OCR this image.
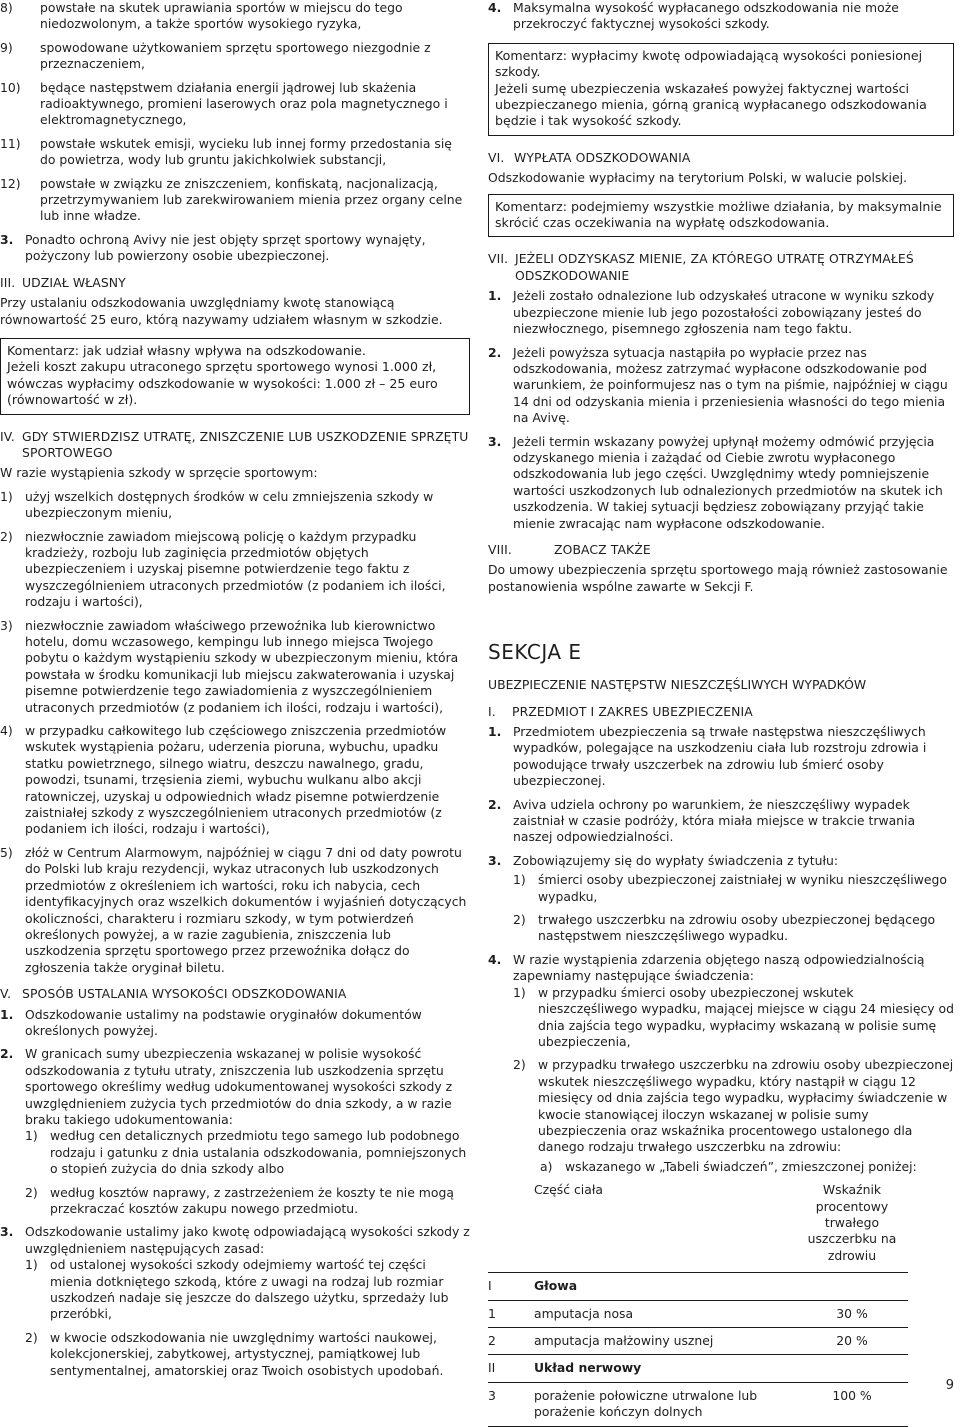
8)	powstałe na skutek uprawiania sportów w miejscu do tego niedozwolonym, a także sportów wysokiego ryzyka,
9)	spowodowane użytkowaniem sprzętu sportowego niezgodnie z przeznaczeniem,
10)	będące następstwem działania energii jądrowej lub skażenia radioaktywnego, promieni laserowych oraz pola magnetycznego i elektromagnetycznego,
11)	powstałe wskutek emisji, wycieku lub innej formy przedostania się do powietrza, wody lub gruntu jakichkolwiek substancji,
12)	powstałe w związku ze zniszczeniem, konfiskatą, nacjonalizacją, przetrzymywaniem lub zarekwirowaniem mienia przez organy celne lub inne władze.
3. Ponadto ochroną Avivy nie jest objęty sprzęt sportowy wynajęty, pożyczony lub powierzony osobie ubezpieczonej.
III. UDZIAŁ WŁASNY

Przy ustalaniu odszkodowania uwzględniamy kwotę stanowiącą równowartość 25 euro, którą nazywamy udziałem własnym w szkodzie.

Komentarz: jak udział własny wpływa na odszkodowanie.
Jeżeli koszt zakupu utraconego sprzętu sportowego wynosi 1.000 zł, wówczas wypłacimy odszkodowanie w wysokości: 1.000 zł – 25 euro (równowartość w zł).
IV. GDY STWIERDZISZ UTRATĘ, ZNISZCZENIE LUB USZKODZENIE SPRZĘTU SPORTOWEGO

W razie wystąpienia szkody w sprzęcie sportowym:

1) użyj wszelkich dostępnych środków w celu zmniejszenia szkody w ubezpieczonym mieniu,
2) niezwłocznie zawiadom miejscową policję o każdym przypadku kradzieży, rozboju lub zaginięcia przedmiotów objętych ubezpieczeniem i uzyskaj pisemne potwierdzenie tego faktu z wyszczególnieniem utraconych przedmiotów (z podaniem ich ilości, rodzaju i wartości),
3) niezwłocznie zawiadom właściwego przewoźnika lub kierownictwo hotelu, domu wczasowego, kempingu lub innego miejsca Twojego pobytu o każdym wystąpieniu szkody w ubezpieczonym mieniu, która powstała w środku komunikacji lub miejscu zakwaterowania i uzyskaj pisemne potwierdzenie tego zawiadomienia z wyszczególnieniem utraconych przedmiotów (z podaniem ich ilości, rodzaju i wartości),
4) w przypadku całkowitego lub częściowego zniszczenia przedmiotów wskutek wystąpienia pożaru, uderzenia pioruna, wybuchu, upadku statku powietrznego, silnego wiatru, deszczu nawalnego, gradu, powodzi, tsunami, trzęsienia ziemi, wybuchu wulkanu albo akcji ratowniczej, uzyskaj u odpowiednich władz pisemne potwierdzenie zaistniałej szkody z wyszczególnieniem utraconych przedmiotów (z podaniem ich ilości, rodzaju i wartości),
5) złóż w Centrum Alarmowym, najpóźniej w ciągu 7 dni od daty powrotu do Polski lub kraju rezydencji, wykaz utraconych lub uszkodzonych przedmiotów z określeniem ich wartości, roku ich nabycia, cech identyfikacyjnych oraz wszelkich dokumentów i wyjaśnień dotyczących okoliczności, charakteru i rozmiaru szkody, w tym potwierdzeń określonych powyżej, a w razie zagubienia, zniszczenia lub uszkodzenia sprzętu sportowego przez przewoźnika dołącz do zgłoszenia także oryginał biletu.
V. SPOSÓB USTALANIA WYSOKOŚCI ODSZKODOWANIA
1. Odszkodowanie ustalimy na podstawie oryginałów dokumentów określonych powyżej.
2. W granicach sumy ubezpieczenia wskazanej w polisie wysokość odszkodowania z tytułu utraty, zniszczenia lub uszkodzenia sprzętu sportowego określimy według udokumentowanej wysokości szkody z uwzględnieniem zużycia tych przedmiotów do dnia szkody, a w razie braku takiego udokumentowania:
1) według cen detalicznych przedmiotu tego samego lub podobnego rodzaju i gatunku z dnia ustalania odszkodowania, pomniejszonych o stopień zużycia do dnia szkody albo
2) według kosztów naprawy, z zastrzeżeniem że koszty te nie mogą przekraczać kosztów zakupu nowego przedmiotu.
3. Odszkodowanie ustalimy jako kwotę odpowiadającą wysokości szkody z uwzględnieniem następujących zasad:
1) od ustalonej wysokości szkody odejmiemy wartość tej części mienia dotkniętego szkodą, które z uwagi na rodzaj lub rozmiar uszkodzeń nadaje się jeszcze do dalszego użytku, sprzedaży lub przeróbki,
2) w kwocie odszkodowania nie uwzględnimy wartości naukowej, kolekcjonerskiej, zabytkowej, artystycznej, pamiątkowej lub sentymentalnej, amatorskiej oraz Twoich osobistych upodobań.
4. Maksymalna wysokość wypłacanego odszkodowania nie może przekroczyć faktycznej wysokości szkody.
Komentarz: wypłacimy kwotę odpowiadającą wysokości poniesionej szkody.
Jeżeli sumę ubezpieczenia wskazałeś powyżej faktycznej wartości ubezpieczanego mienia, górną granicą wypłacanego odszkodowania będzie i tak wysokość szkody.
VI. WYPŁATA ODSZKODOWANIA

Odszkodowanie wypłacimy na terytorium Polski, w walucie polskiej.

Komentarz: podejmiemy wszystkie możliwe działania, by maksymalnie skrócić czas oczekiwania na wypłatę odszkodowania.
VII. JEŻELI ODZYSKASZ MIENIE, ZA KTÓREGO UTRATĘ OTRZYMAŁEŚ ODSZKODOWANIE
1. Jeżeli zostało odnalezione lub odzyskałeś utracone w wyniku szkody ubezpieczone mienie lub jego pozostałości zobowiązany jesteś do niezwłocznego, pisemnego zgłoszenia nam tego faktu.
2. Jeżeli powyższa sytuacja nastąpiła po wypłacie przez nas odszkodowania, możesz zatrzymać wypłacone odszkodowanie pod warunkiem, że poinformujesz nas o tym na piśmie, najpóźniej w ciągu 14 dni od odzyskania mienia i przeniesienia własności do tego mienia na Avivę.
3. Jeżeli termin wskazany powyżej upłynął możemy odmówić przyjęcia odzyskanego mienia i zażądać od Ciebie zwrotu wypłaconego odszkodowania lub jego części. Uwzględnimy wtedy pomniejszenie wartości uszkodzonych lub odnalezionych przedmiotów na skutek ich uszkodzenia. W takiej sytuacji będziesz zobowiązany przyjąć takie mienie zwracając nam wypłacone odszkodowanie.
VIII.	ZOBACZ TAKŻE

Do umowy ubezpieczenia sprzętu sportowego mają również zastosowanie postanowienia wspólne zawarte w Sekcji F.

SEKCJA E
UBEZPIECZENIE NASTĘPSTW NIESZCZĘŚLIWYCH WYPADKÓW
I. PRZEDMIOT I ZAKRES UBEZPIECZENIA
1. Przedmiotem ubezpieczenia są trwałe następstwa nieszczęśliwych wypadków, polegające na uszkodzeniu ciała lub rozstroju zdrowia i powodujące trwały uszczerbek na zdrowiu lub śmierć osoby ubezpieczonej.
2. Aviva udziela ochrony po warunkiem, że nieszczęśliwy wypadek zaistniał w czasie podróży, która miała miejsce w trakcie trwania naszej odpowiedzialności.
3. Zobowiązujemy się do wypłaty świadczenia z tytułu:
1) śmierci osoby ubezpieczonej zaistniałej w wyniku nieszczęśliwego wypadku,
2) trwałego uszczerbku na zdrowiu osoby ubezpieczonej będącego następstwem nieszczęśliwego wypadku.
4. W razie wystąpienia zdarzenia objętego naszą odpowiedzialnością zapewniamy następujące świadczenia:
1) w przypadku śmierci osoby ubezpieczonej wskutek nieszczęśliwego wypadku, mającej miejsce w ciągu 24 miesięcy od dnia zajścia tego wypadku, wypłacimy wskazaną w polisie sumę ubezpieczenia,
2) w przypadku trwałego uszczerbku na zdrowiu osoby ubezpieczonej wskutek nieszczęśliwego wypadku, który nastąpił w ciągu 12 miesięcy od dnia zajścia tego wypadku, wypłacimy świadczenie w kwocie stanowiącej iloczyn wskazanej w polisie sumy ubezpieczenia oraz wskaźnika procentowego ustalonego dla danego rodzaju trwałego uszczerbku na zdrowiu:
a)	wskazanego w „Tabeli świadczeń”, zmieszczonej poniżej:
	Część ciała	Wskaźnik procentowy trwałego uszczerbku na zdrowiu
I	Głowa	
1	amputacja nosa	30 %
2	amputacja małżowiny usznej	20 %
II	Układ nerwowy	
3	porażenie połowiczne utrwalone lub porażenie kończyn dolnych	100 %
9
